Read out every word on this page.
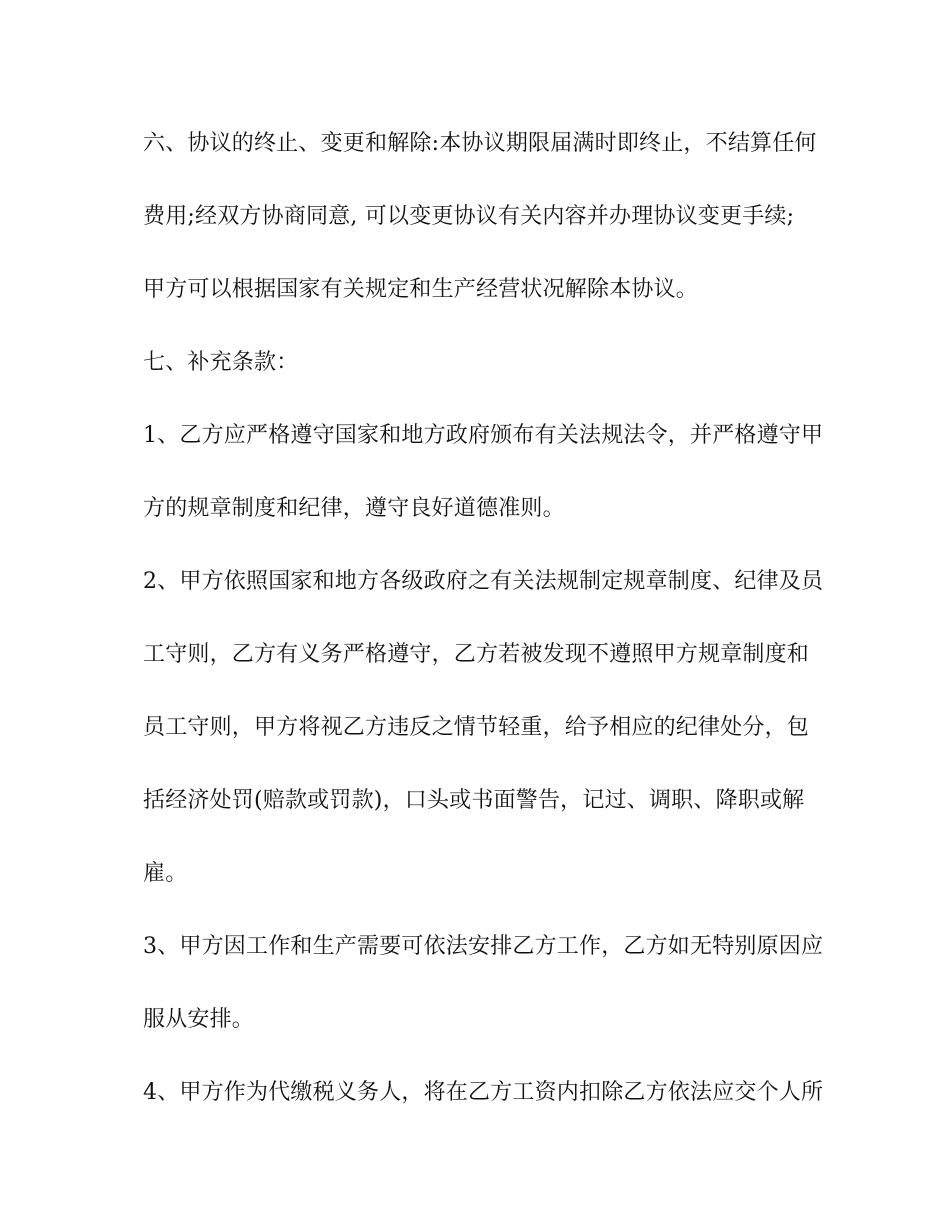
六、协议的终止、变更和解除:本协议期限届满时即终止，不结算任何
费用;经双方协商同意, 可以变更协议有关内容并办理协议变更手续;
甲方可以根据国家有关规定和生产经营状况解除本协议。
七、补充条款：
1、乙方应严格遵守国家和地方政府颁布有关法规法令，并严格遵守甲
方的规章制度和纪律，遵守良好道德准则。
2、甲方依照国家和地方各级政府之有关法规制定规章制度、纪律及员
工守则，乙方有义务严格遵守，乙方若被发现不遵照甲方规章制度和
员工守则，甲方将视乙方违反之情节轻重，给予相应的纪律处分，包
括经济处罚(赔款或罚款)，口头或书面警告，记过、调职、降职或解
雇。
3、甲方因工作和生产需要可依法安排乙方工作，乙方如无特别原因应
服从安排。
4、甲方作为代缴税义务人，将在乙方工资内扣除乙方依法应交个人所
